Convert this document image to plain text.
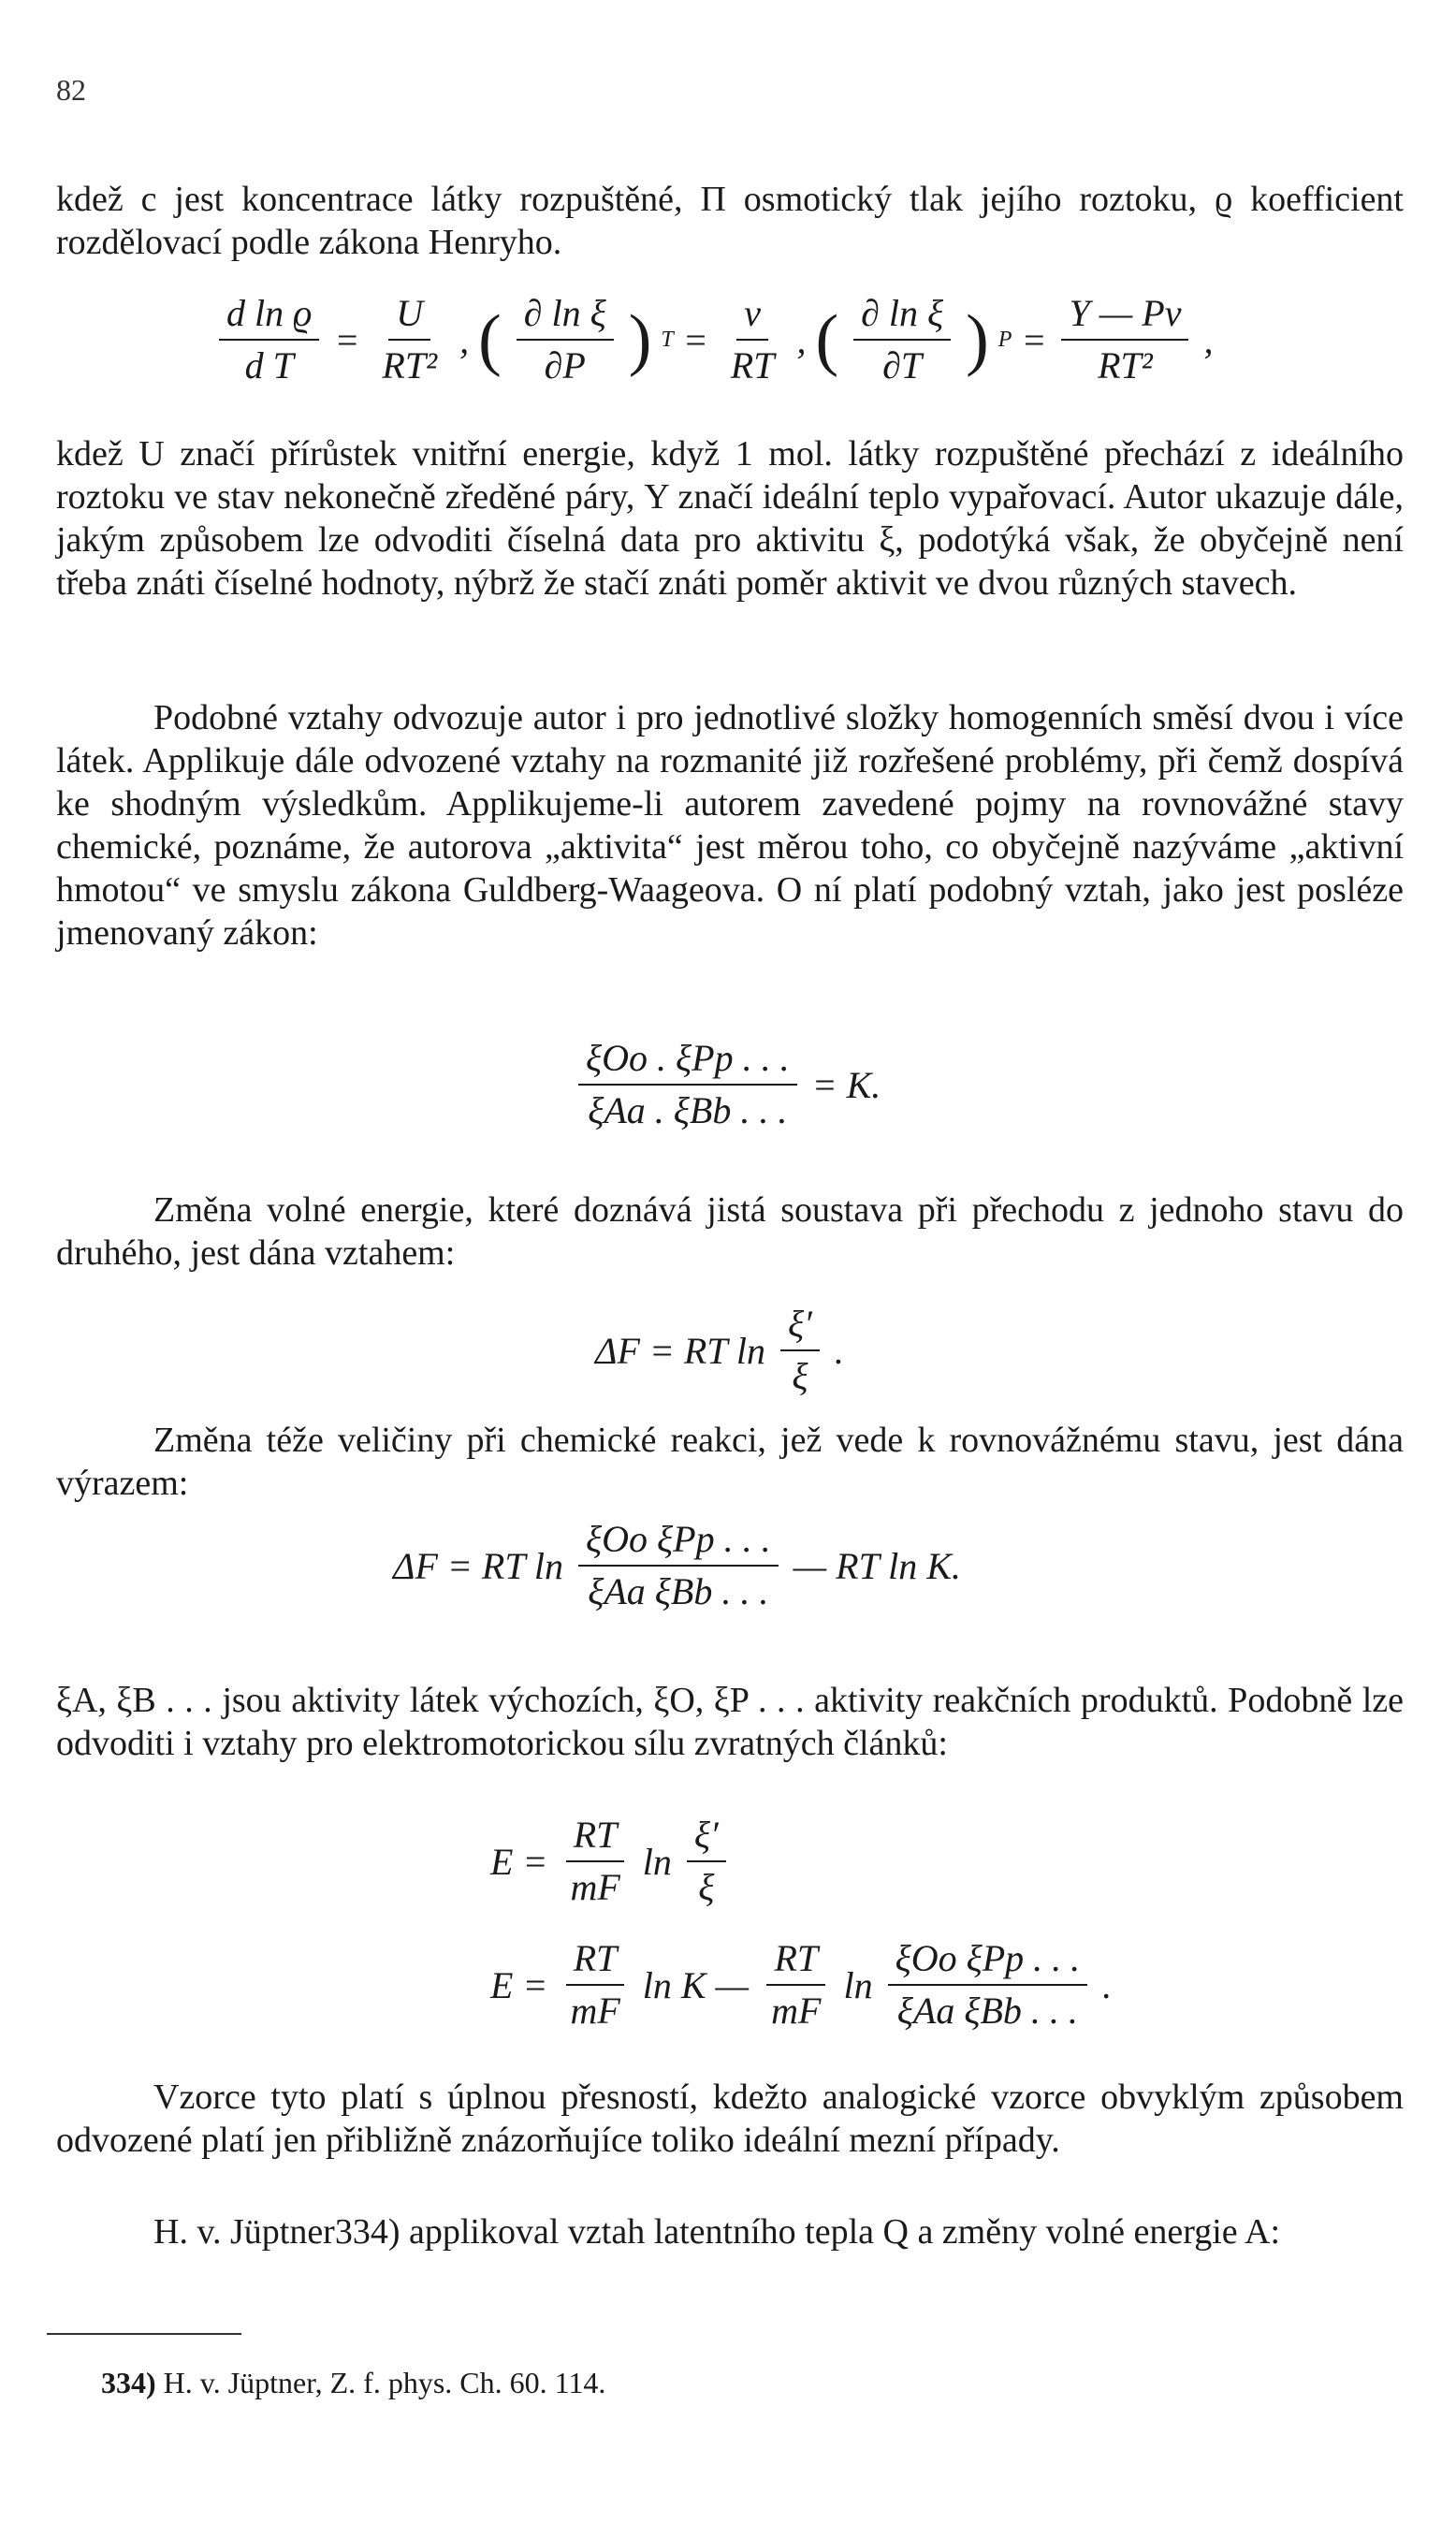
82

kdež c jest koncentrace látky rozpuštěné, Π osmotický tlak jejího roztoku, ϱ koefficient rozdělovací podle zákona Henryho.

$\frac{\text{d ln ϱ}}{\text{d T}} = \frac{U}{\text{RT²}}$ , ( $\frac{\text{∂ ln ξ}}{\partial P}$ ) $T = \frac{v}{RT}$ , ( $\frac{\text{∂ ln ξ}}{\partial T}$ ) $P = \frac{\Upsilon — Pv}{\text{RT²}}$ ,

kdež U značí přírůstek vnitřní energie, když 1 mol. látky rozpuštěné přechází z ideálního roztoku ve stav nekonečně zředěné páry, Υ značí ideální teplo vypařovací. Autor ukazuje dále, jakým způsobem lze odvoditi číselná data pro aktivitu ξ, podotýká však, že obyčejně není třeba znáti číselné hodnoty, nýbrž že stačí znáti poměr aktivit ve dvou různých stavech.

Podobné vztahy odvozuje autor i pro jednotlivé složky homogenních směsí dvou i více látek. Applikuje dále odvozené vztahy na rozmanité již rozřešené problémy, při čemž dospívá ke shodným výsledkům. Applikujeme-li autorem zavedené pojmy na rovnovážné stavy chemické, poznáme, že autorova „aktivita“ jest měrou toho, co obyčejně nazýváme „aktivní hmotou“ ve smyslu zákona Guldberg-Waageova. O ní platí podobný vztah, jako jest posléze jmenovaný zákon:

$\frac{\text{ξOo . ξPp . . .}}{\text{ξAa . ξBb . . .}} = K$.

Změna volné energie, které doznává jistá soustava při přechodu z jednoho stavu do druhého, jest dána vztahem:

ΔF = RT $\ln \frac{\xi'}{\xi}$ .

Změna téže veličiny při chemické reakci, jež vede k rovnovážnému stavu, jest dána výrazem:

ΔF = RT $\ln \frac{\text{ξOo ξPp . . .}}{\text{ξAa ξBb . . .}}$ — RT ln K.

ξA, ξB . . . jsou aktivity látek výchozích, ξO, ξP . . . aktivity reakčních produktů. Podobně lze odvoditi i vztahy pro elektromotorickou sílu zvratných článků:

$E = \frac{RT}{mF}$ $\ln \frac{\xi'}{\xi}$
$E = \frac{RT}{mF}$ ln K — $\frac{RT}{mF}$ $\ln \frac{\text{ξOo ξPp . . .}}{\text{ξAa ξBb . . .}}$ .

Vzorce tyto platí s úplnou přesností, kdežto analogické vzorce obvyklým způsobem odvozené platí jen přibližně znázorňujíce toliko ideální mezní případy.

H. v. Jüptner334) applikoval vztah latentního tepla Q a změny volné energie A:

334) H. v. Jüptner, Z. f. phys. Ch. 60. 114.
